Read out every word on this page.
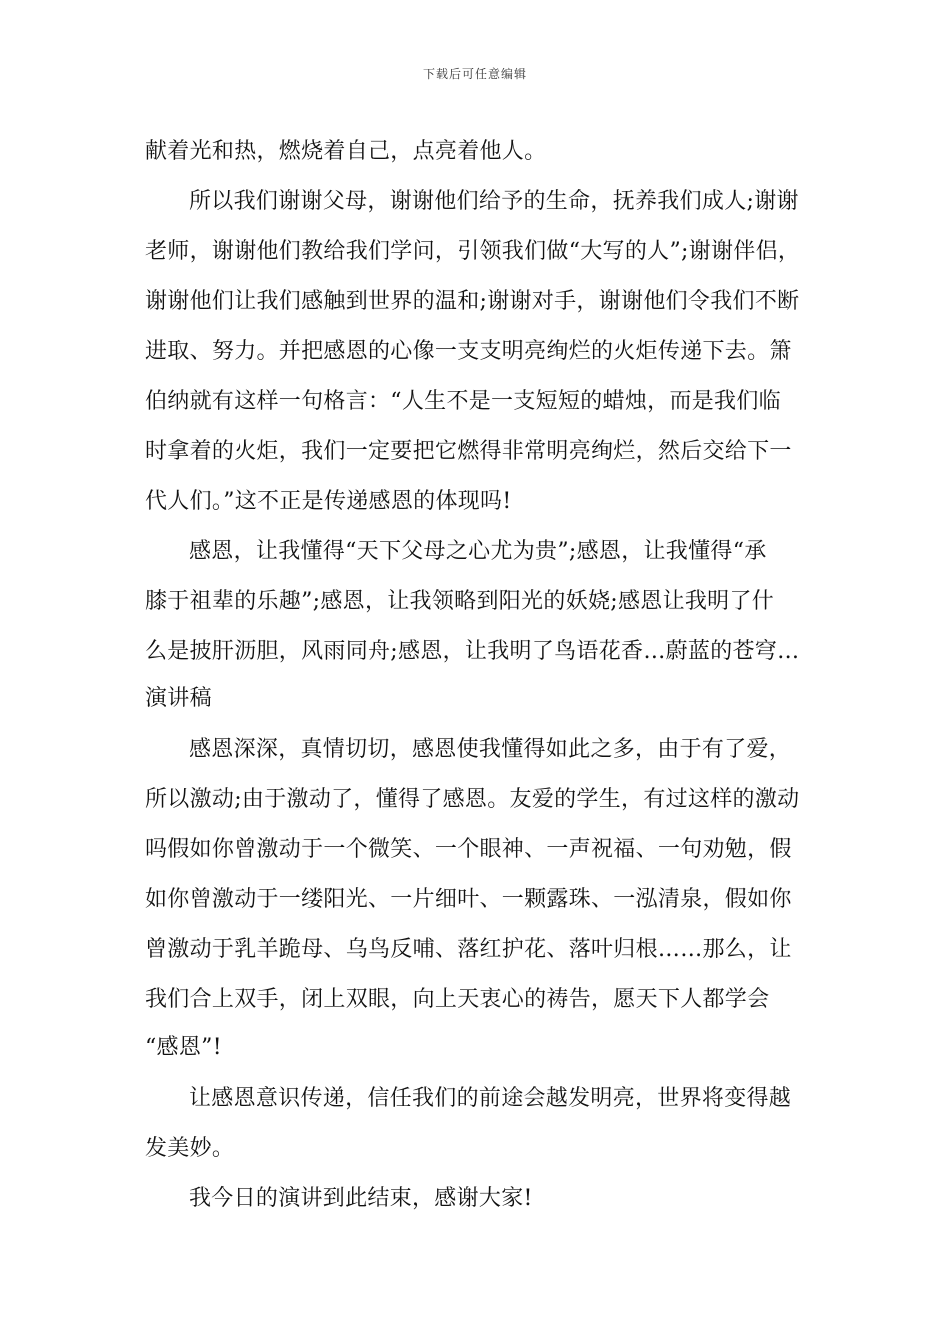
下载后可任意编辑
献着光和热，燃烧着自己，点亮着他人。
所以我们谢谢父母，谢谢他们给予的生命，抚养我们成人;谢谢
老师，谢谢他们教给我们学问，引领我们做“大写的人”;谢谢伴侣，
谢谢他们让我们感触到世界的温和;谢谢对手，谢谢他们令我们不断
进取、努力。并把感恩的心像一支支明亮绚烂的火炬传递下去。箫
伯纳就有这样一句格言：“人生不是一支短短的蜡烛，而是我们临
时拿着的火炬，我们一定要把它燃得非常明亮绚烂，然后交给下一
代人们。”这不正是传递感恩的体现吗!
感恩，让我懂得“天下父母之心尤为贵”;感恩，让我懂得“承
膝于祖辈的乐趣”;感恩，让我领略到阳光的妖娆;感恩让我明了什
么是披肝沥胆，风雨同舟;感恩，让我明了鸟语花香…蔚蓝的苍穹…
演讲稿
感恩深深，真情切切，感恩使我懂得如此之多，由于有了爱，
所以激动;由于激动了，懂得了感恩。友爱的学生，有过这样的激动
吗假如你曾激动于一个微笑、一个眼神、一声祝福、一句劝勉，假
如你曾激动于一缕阳光、一片细叶、一颗露珠、一泓清泉，假如你
曾激动于乳羊跪母、乌鸟反哺、落红护花、落叶归根……那么，让
我们合上双手，闭上双眼，向上天衷心的祷告，愿天下人都学会
“感恩”!
让感恩意识传递，信任我们的前途会越发明亮，世界将变得越
发美妙。
我今日的演讲到此结束，感谢大家!
